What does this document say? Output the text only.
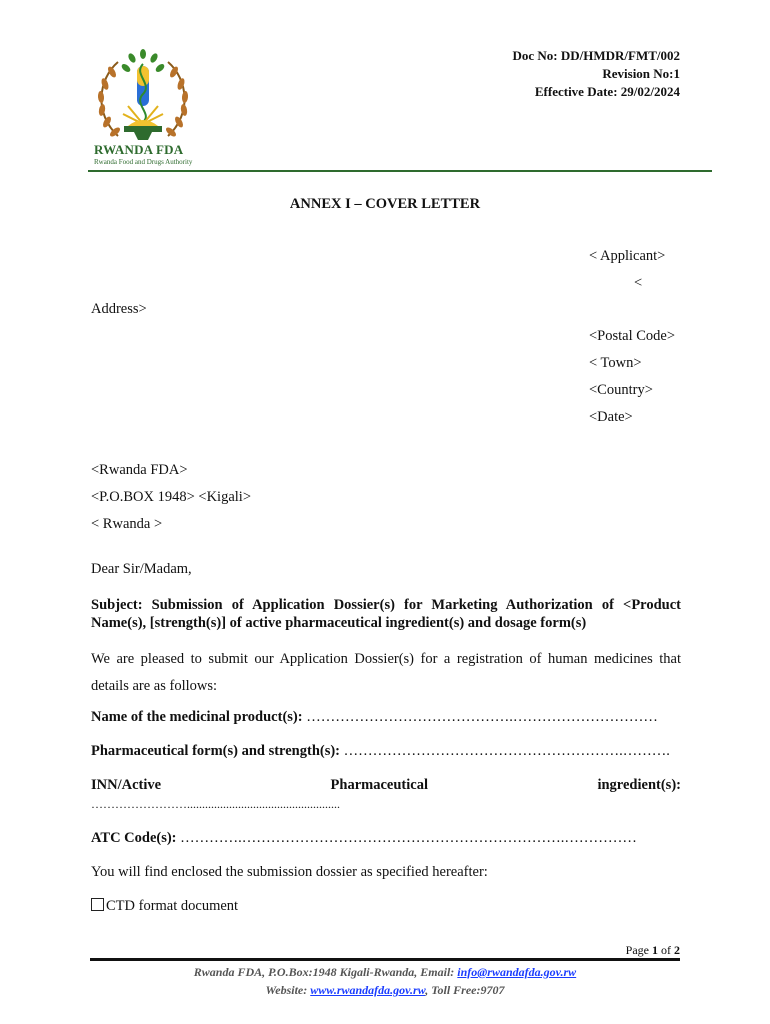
RWANDA FDA
Rwanda Food and Drugs Authority
Doc No: DD/HMDR/FMT/002
Revision No:1
Effective Date: 29/02/2024
ANNEX I – COVER LETTER
< Applicant>
<
Address>
<Postal Code>
< Town>
<Country>
<Date>
<Rwanda FDA>
<P.O.BOX 1948> <Kigali>
< Rwanda >
Dear Sir/Madam,
Subject: Submission of Application Dossier(s) for Marketing Authorization of <Product Name(s), [strength(s)] of active pharmaceutical ingredient(s) and dosage form(s)
We are pleased to submit our Application Dossier(s) for a registration of human medicines that details are as follows:
Name of the medicinal product(s): …………………………………….…………………………
Pharmaceutical form(s) and strength(s): ………………………………………………….……….
INN/Active	Pharmaceutical	ingredient(s):
……………………...................................................
ATC Code(s): ………….………………………………………………………….……………
You will find enclosed the submission dossier as specified hereafter:
CTD format document
Page 1 of 2
Rwanda FDA, P.O.Box:1948 Kigali-Rwanda, Email: info@rwandafda.gov.rw
Website: www.rwandafda.gov.rw, Toll Free:9707
